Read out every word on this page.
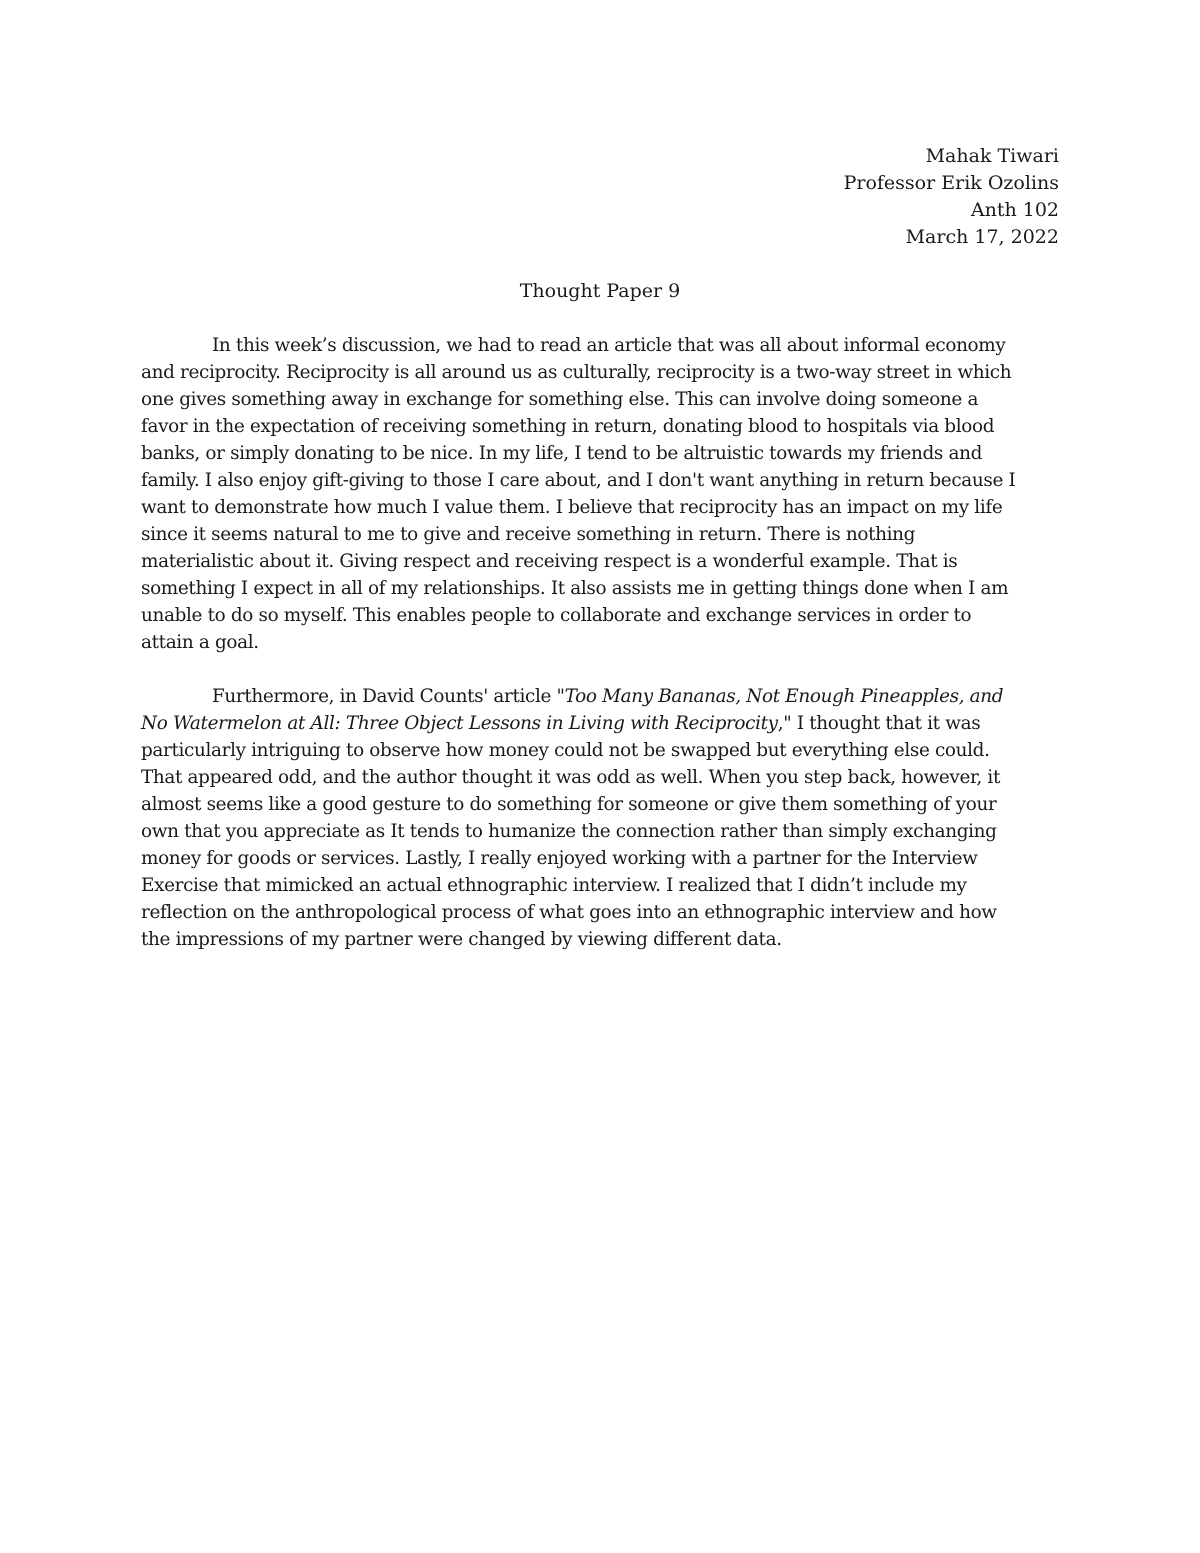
Mahak Tiwari
Professor Erik Ozolins
Anth 102
March 17, 2022
Thought Paper 9
In this week’s discussion, we had to read an article that was all about informal economy
and reciprocity. Reciprocity is all around us as culturally, reciprocity is a two-way street in which
one gives something away in exchange for something else. This can involve doing someone a
favor in the expectation of receiving something in return, donating blood to hospitals via blood
banks, or simply donating to be nice. In my life, I tend to be altruistic towards my friends and
family. I also enjoy gift-giving to those I care about, and I don't want anything in return because I
want to demonstrate how much I value them. I believe that reciprocity has an impact on my life
since it seems natural to me to give and receive something in return. There is nothing
materialistic about it. Giving respect and receiving respect is a wonderful example. That is
something I expect in all of my relationships. It also assists me in getting things done when I am
unable to do so myself. This enables people to collaborate and exchange services in order to
attain a goal.
Furthermore, in David Counts' article "Too Many Bananas, Not Enough Pineapples, and
No Watermelon at All: Three Object Lessons in Living with Reciprocity," I thought that it was
particularly intriguing to observe how money could not be swapped but everything else could.
That appeared odd, and the author thought it was odd as well. When you step back, however, it
almost seems like a good gesture to do something for someone or give them something of your
own that you appreciate as It tends to humanize the connection rather than simply exchanging
money for goods or services. Lastly, I really enjoyed working with a partner for the Interview
Exercise that mimicked an actual ethnographic interview. I realized that I didn’t include my
reflection on the anthropological process of what goes into an ethnographic interview and how
the impressions of my partner were changed by viewing different data.
